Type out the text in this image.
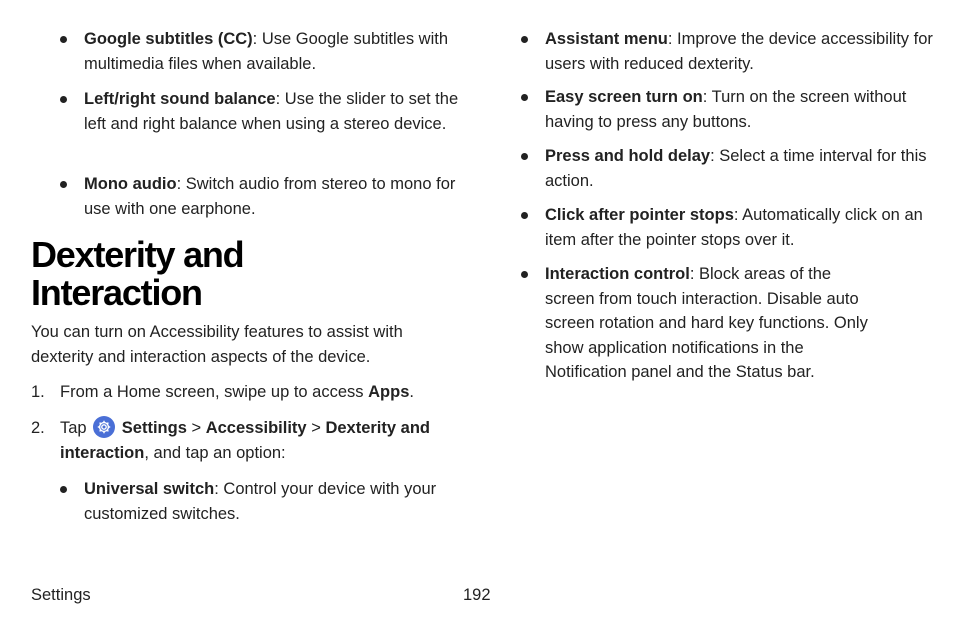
Google subtitles (CC): Use Google subtitles with multimedia files when available.
Left/right sound balance: Use the slider to set the left and right balance when using a stereo device.
Mono audio: Switch audio from stereo to mono for use with one earphone.
Dexterity and
Interaction

You can turn on Accessibility features to assist with dexterity and interaction aspects of the device.

1. From a Home screen, swipe up to access Apps.
2. Tap Settings > Accessibility > Dexterity and interaction, and tap an option:
Universal switch: Control your device with your customized switches.
Assistant menu: Improve the device accessibility for users with reduced dexterity.
Easy screen turn on: Turn on the screen without having to press any buttons.
Press and hold delay: Select a time interval for this action.
Click after pointer stops: Automatically click on an item after the pointer stops over it.
Interaction control: Block areas of the screen from touch interaction. Disable auto screen rotation and hard key functions. Only show application notifications in the Notification panel and the Status bar.
Settings	192
